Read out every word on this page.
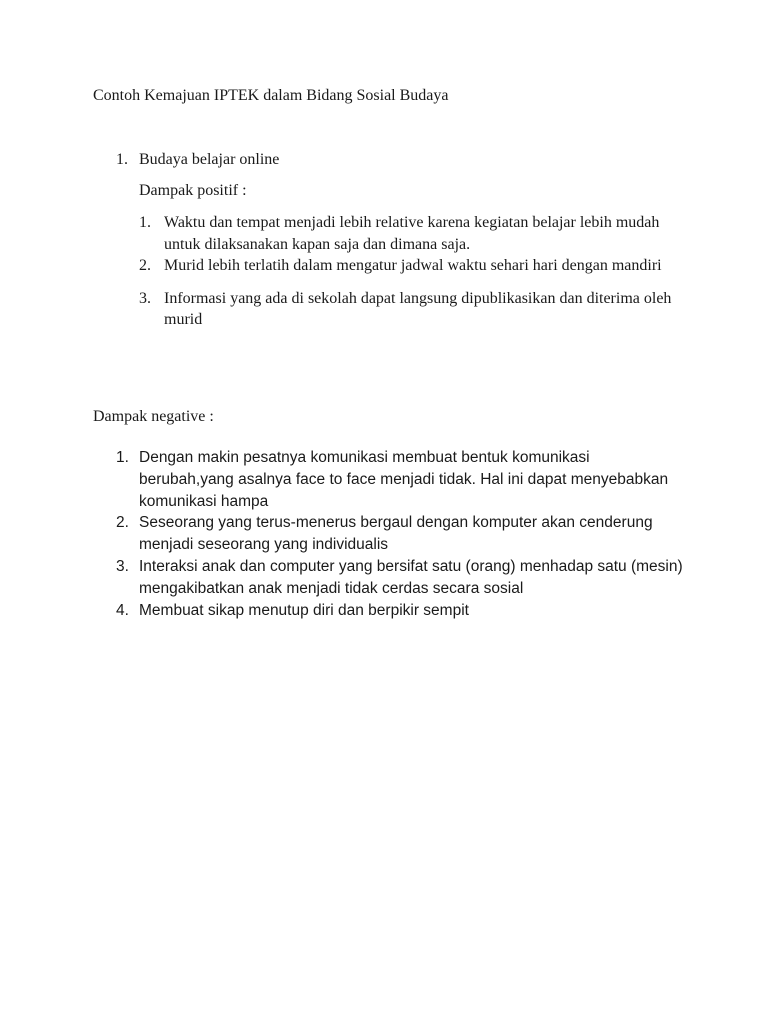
Contoh Kemajuan IPTEK dalam Bidang Sosial Budaya
1. Budaya belajar online
Dampak positif :
1. Waktu dan tempat menjadi lebih relative karena kegiatan belajar lebih mudah untuk dilaksanakan kapan saja dan dimana saja.
2. Murid lebih terlatih dalam mengatur jadwal waktu sehari hari dengan mandiri
3. Informasi yang ada di sekolah dapat langsung dipublikasikan dan diterima oleh murid
Dampak negative :
1. Dengan makin pesatnya komunikasi membuat bentuk komunikasi berubah,yang asalnya face to face menjadi tidak. Hal ini dapat menyebabkan komunikasi hampa
2. Seseorang yang terus-menerus bergaul dengan komputer akan cenderung menjadi seseorang yang individualis
3. Interaksi anak dan computer yang bersifat satu (orang) menhadap satu (mesin) mengakibatkan anak menjadi tidak cerdas secara sosial
4. Membuat sikap menutup diri dan berpikir sempit
